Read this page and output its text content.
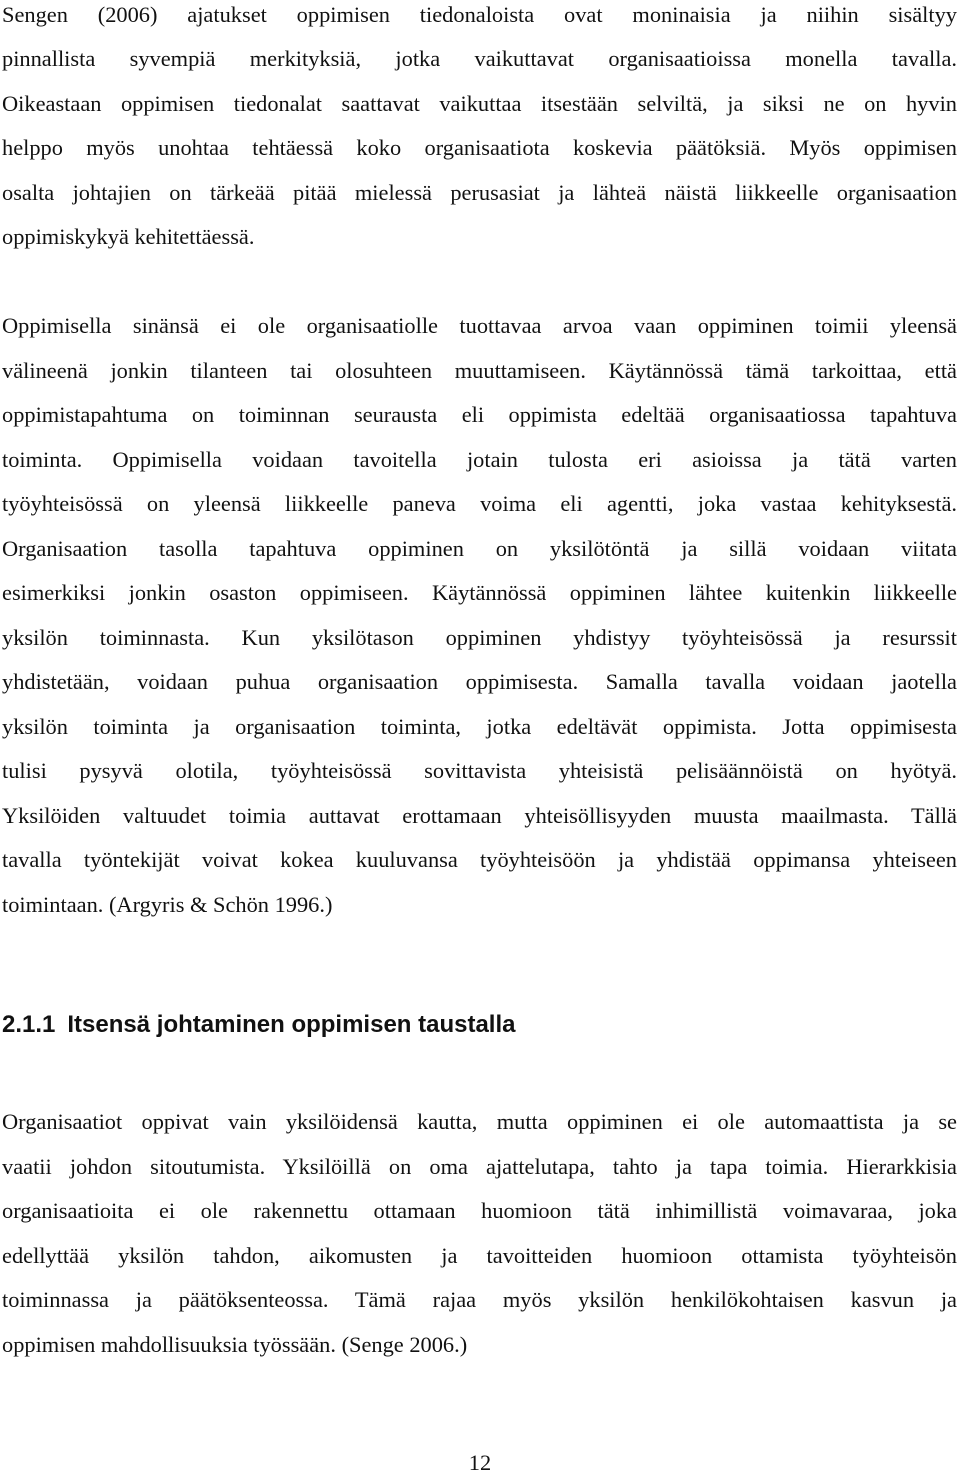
Sengen (2006) ajatukset oppimisen tiedonaloista ovat moninaisia ja niihin sisältyy
pinnallista syvempiä merkityksiä, jotka vaikuttavat organisaatioissa monella tavalla.
Oikeastaan oppimisen tiedonalat saattavat vaikuttaa itsestään selviltä, ja siksi ne on hyvin
helppo myös unohtaa tehtäessä koko organisaatiota koskevia päätöksiä. Myös oppimisen
osalta johtajien on tärkeää pitää mielessä perusasiat ja lähteä näistä liikkeelle organisaation
oppimiskykyä kehitettäessä.
Oppimisella sinänsä ei ole organisaatiolle tuottavaa arvoa vaan oppiminen toimii yleensä
välineenä jonkin tilanteen tai olosuhteen muuttamiseen. Käytännössä tämä tarkoittaa, että
oppimistapahtuma on toiminnan seurausta eli oppimista edeltää organisaatiossa tapahtuva
toiminta. Oppimisella voidaan tavoitella jotain tulosta eri asioissa ja tätä varten
työyhteisössä on yleensä liikkeelle paneva voima eli agentti, joka vastaa kehityksestä.
Organisaation tasolla tapahtuva oppiminen on yksilötöntä ja sillä voidaan viitata
esimerkiksi jonkin osaston oppimiseen. Käytännössä oppiminen lähtee kuitenkin liikkeelle
yksilön toiminnasta. Kun yksilötason oppiminen yhdistyy työyhteisössä ja resurssit
yhdistetään, voidaan puhua organisaation oppimisesta. Samalla tavalla voidaan jaotella
yksilön toiminta ja organisaation toiminta, jotka edeltävät oppimista. Jotta oppimisesta
tulisi pysyvä olotila, työyhteisössä sovittavista yhteisistä pelisäännöistä on hyötyä.
Yksilöiden valtuudet toimia auttavat erottamaan yhteisöllisyyden muusta maailmasta. Tällä
tavalla työntekijät voivat kokea kuuluvansa työyhteisöön ja yhdistää oppimansa yhteiseen
toimintaan. (Argyris & Schön 1996.)
2.1.1 Itsensä johtaminen oppimisen taustalla
Organisaatiot oppivat vain yksilöidensä kautta, mutta oppiminen ei ole automaattista ja se
vaatii johdon sitoutumista. Yksilöillä on oma ajattelutapa, tahto ja tapa toimia. Hierarkkisia
organisaatioita ei ole rakennettu ottamaan huomioon tätä inhimillistä voimavaraa, joka
edellyttää yksilön tahdon, aikomusten ja tavoitteiden huomioon ottamista työyhteisön
toiminnassa ja päätöksenteossa. Tämä rajaa myös yksilön henkilökohtaisen kasvun ja
oppimisen mahdollisuuksia työssään. (Senge 2006.)
12
